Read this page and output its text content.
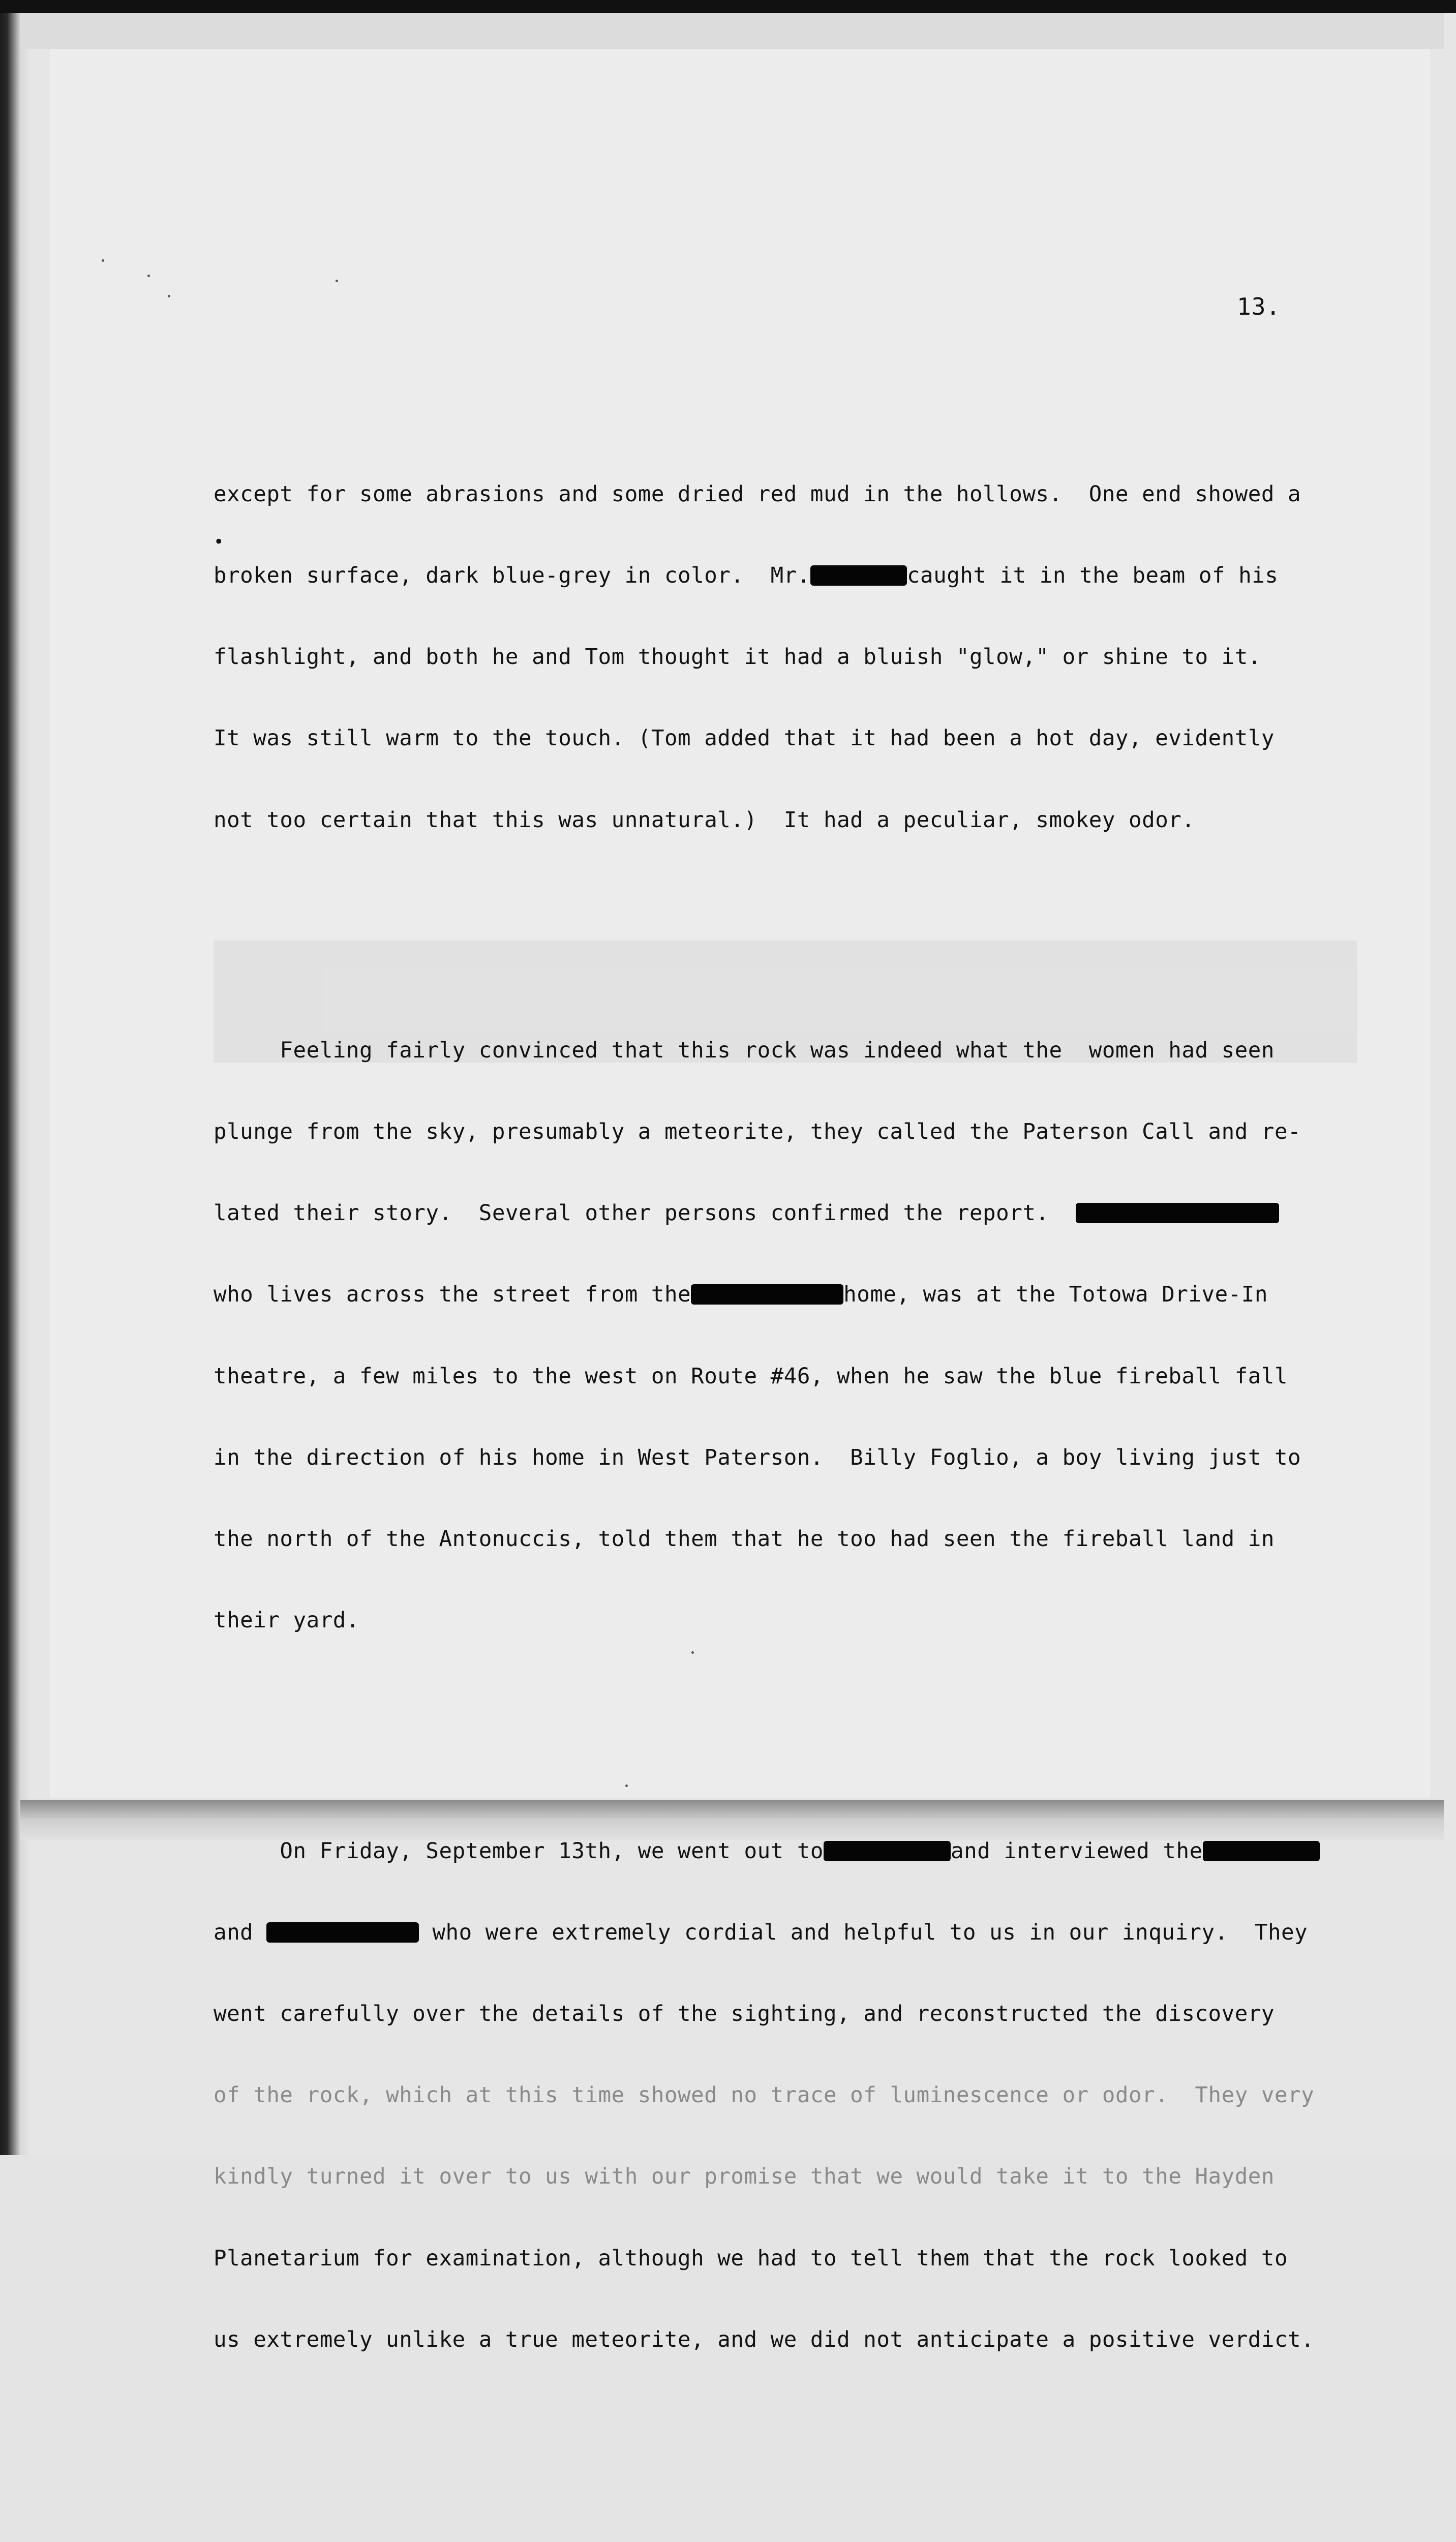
13.
•

except for some abrasions and some dried red mud in the hollows.  One end showed a

broken surface, dark blue-grey in color.  Mr.	caught it in the beam of his

flashlight, and both he and Tom thought it had a bluish "glow," or shine to it.

It was still warm to the touch. (Tom added that it had been a hot day, evidently

not too certain that this was unnatural.)  It had a peculiar, smokey odor.

Feeling fairly convinced that this rock was indeed what the  women had seen

plunge from the sky, presumably a meteorite, they called the Paterson Call and re-

lated their story.  Several other persons confirmed the report.

who lives across the street from the	home, was at the Totowa Drive-In

theatre, a few miles to the west on Route #46, when he saw the blue fireball fall

in the direction of his home in West Paterson.  Billy Foglio, a boy living just to

the north of the Antonuccis, told them that he too had seen the fireball land in

their yard.

On Friday, September 13th, we went out to	and interviewed the

and	who were extremely cordial and helpful to us in our inquiry.  They

went carefully over the details of the sighting, and reconstructed the discovery

of the rock, which at this time showed no trace of luminescence or odor.  They very

kindly turned it over to us with our promise that we would take it to the Hayden

Planetarium for examination, although we had to tell them that the rock looked to

us extremely unlike a true meteorite, and we did not anticipate a positive verdict.
